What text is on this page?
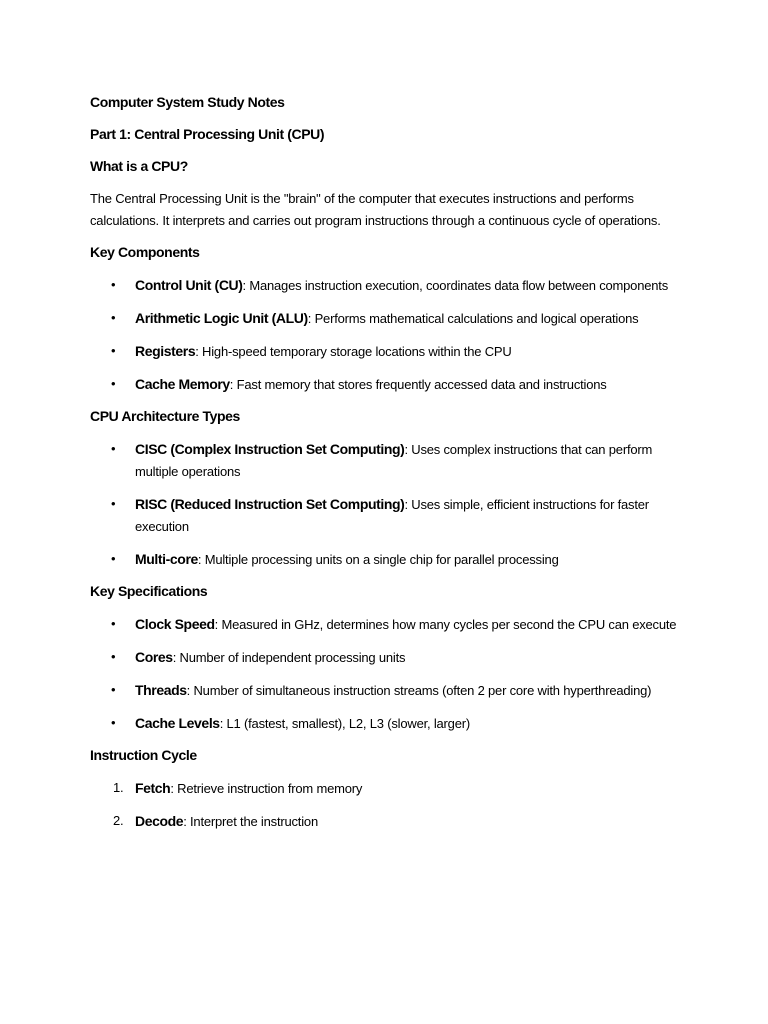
Computer System Study Notes
Part 1: Central Processing Unit (CPU)
What is a CPU?
The Central Processing Unit is the "brain" of the computer that executes instructions and performs calculations. It interprets and carries out program instructions through a continuous cycle of operations.
Key Components
• Control Unit (CU): Manages instruction execution, coordinates data flow between components
• Arithmetic Logic Unit (ALU): Performs mathematical calculations and logical operations
• Registers: High-speed temporary storage locations within the CPU
• Cache Memory: Fast memory that stores frequently accessed data and instructions
CPU Architecture Types
• CISC (Complex Instruction Set Computing): Uses complex instructions that can perform multiple operations
• RISC (Reduced Instruction Set Computing): Uses simple, efficient instructions for faster execution
• Multi-core: Multiple processing units on a single chip for parallel processing
Key Specifications
• Clock Speed: Measured in GHz, determines how many cycles per second the CPU can execute
• Cores: Number of independent processing units
• Threads: Number of simultaneous instruction streams (often 2 per core with hyperthreading)
• Cache Levels: L1 (fastest, smallest), L2, L3 (slower, larger)
Instruction Cycle
1. Fetch: Retrieve instruction from memory
2. Decode: Interpret the instruction
